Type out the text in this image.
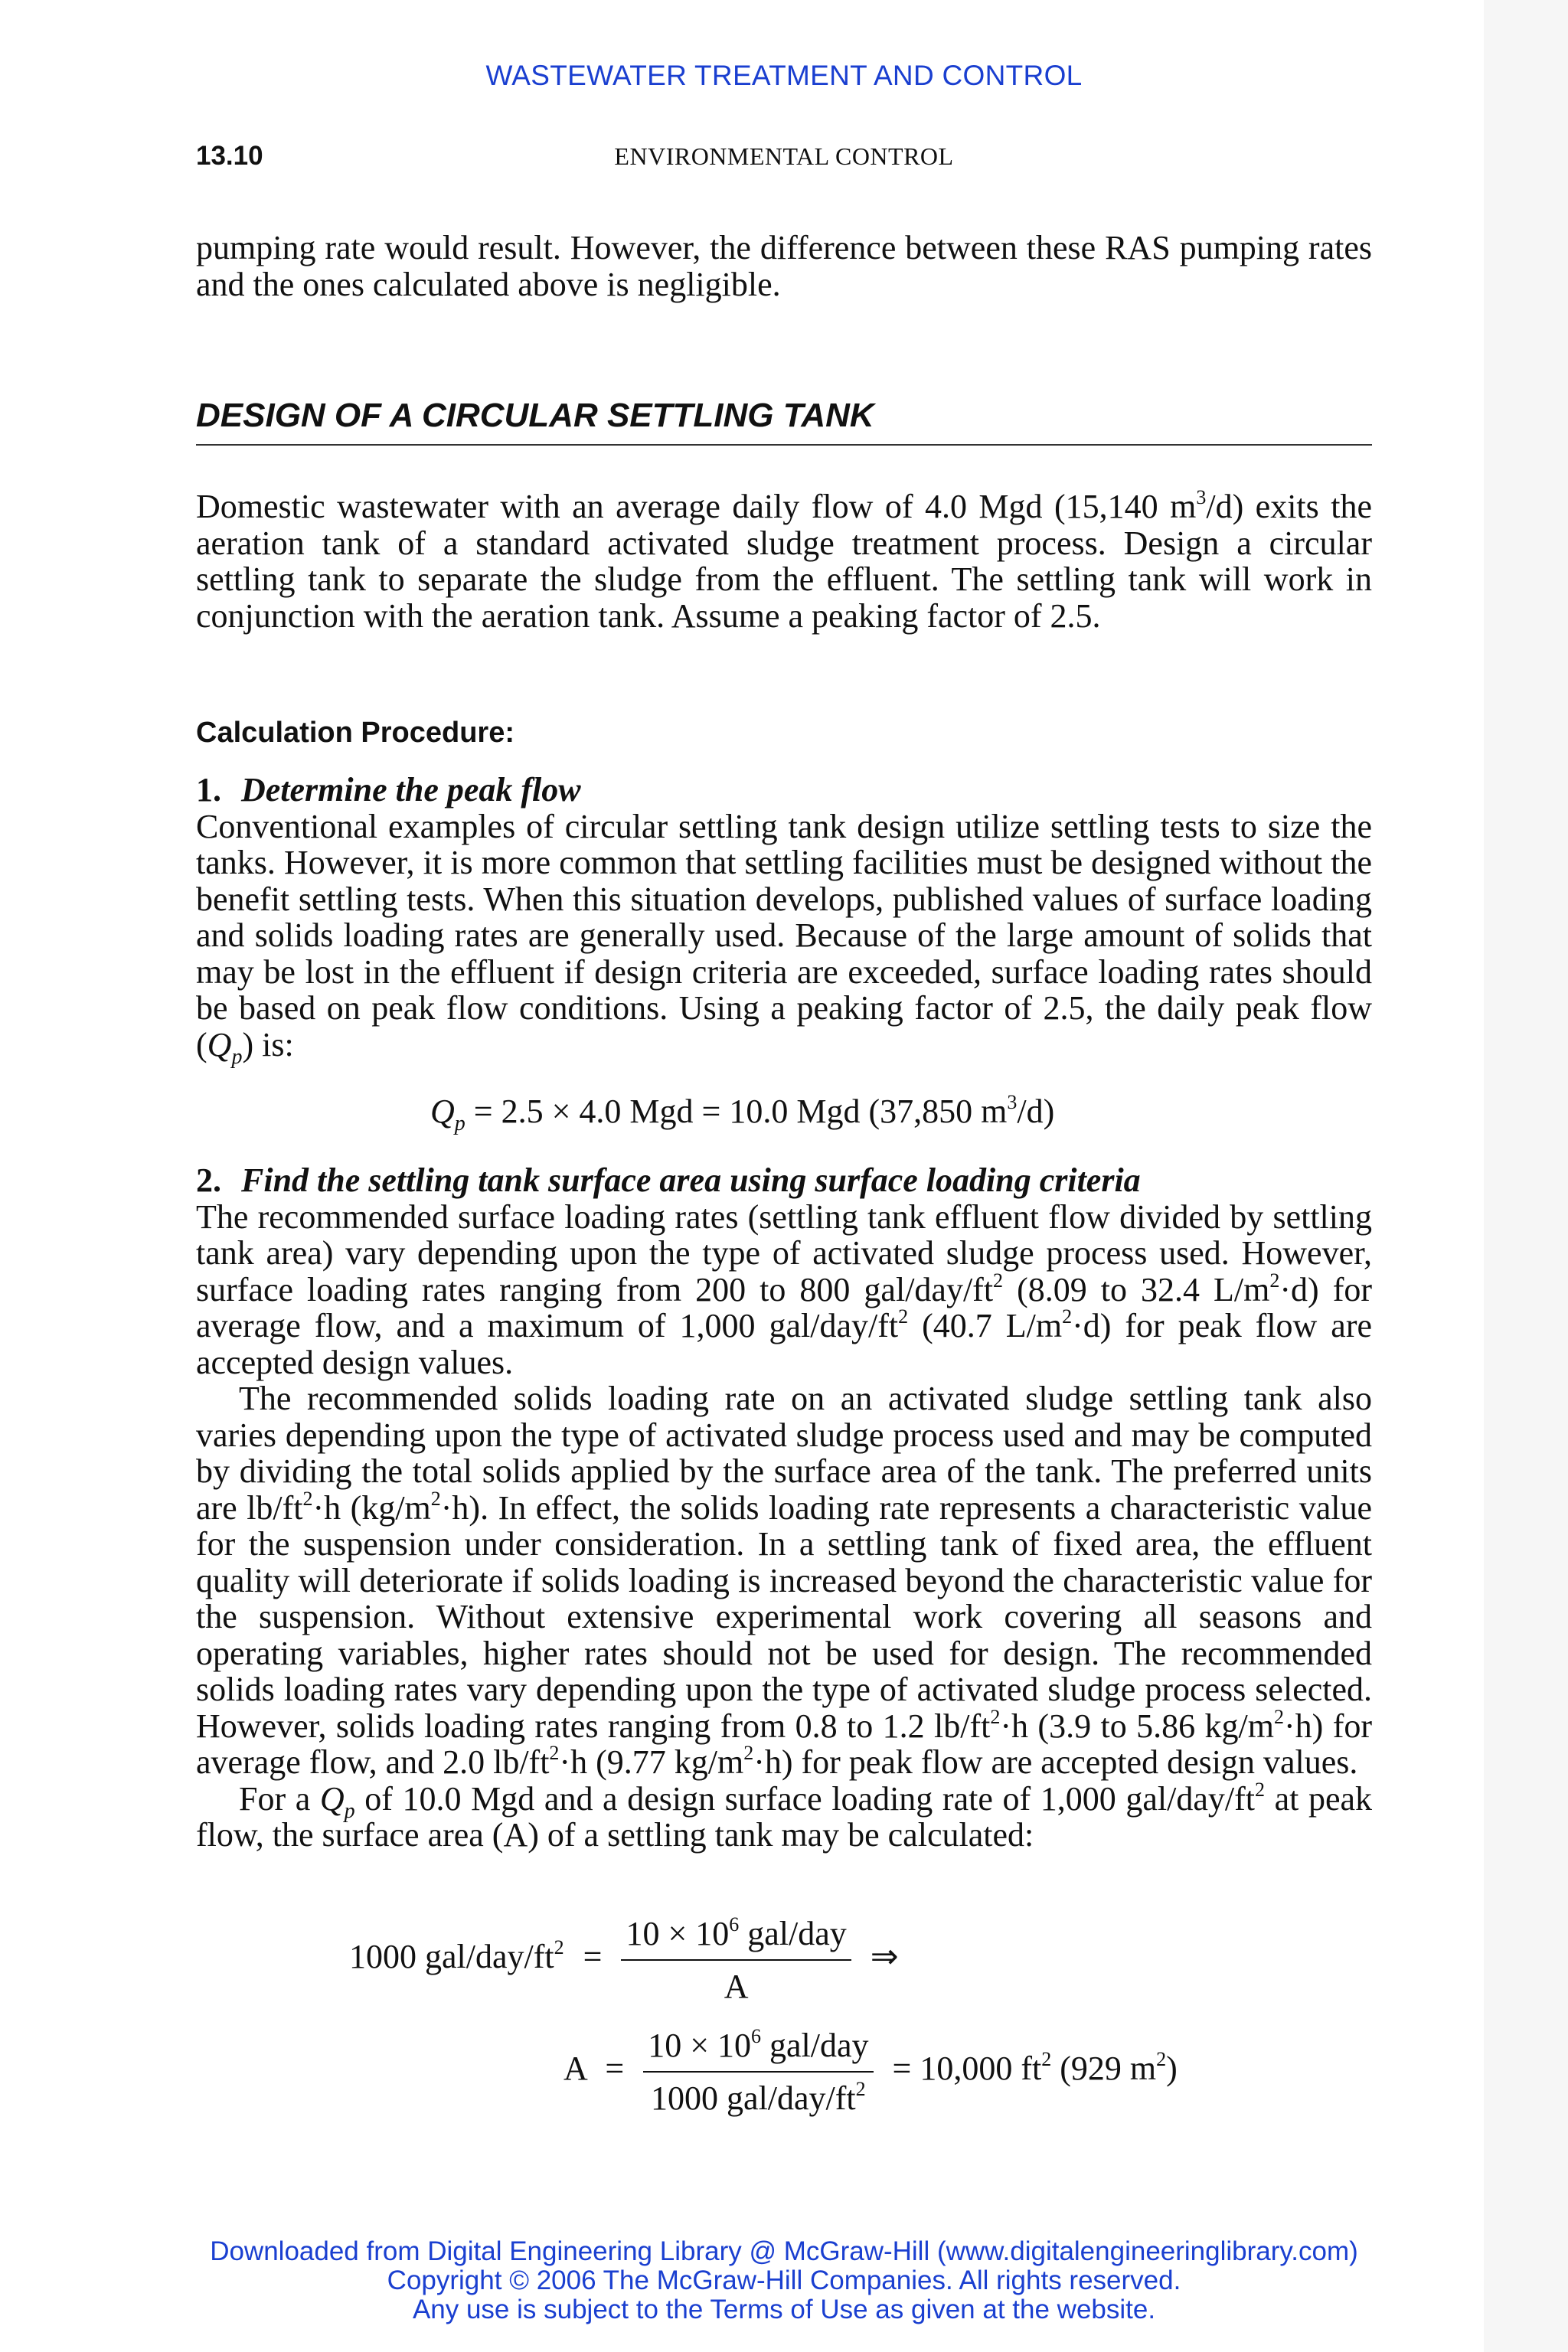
WASTEWATER TREATMENT AND CONTROL
13.10	ENVIRONMENTAL CONTROL

pumping rate would result. However, the difference between these RAS pumping rates and the ones calculated above is negligible.

DESIGN OF A CIRCULAR SETTLING TANK

Domestic wastewater with an average daily flow of 4.0 Mgd (15,140 $m^3/d$) exits the aeration tank of a standard activated sludge treatment process. Design a circular settling tank to separate the sludge from the effluent. The settling tank will work in conjunction with the aeration tank. Assume a peaking factor of 2.5.

Calculation Procedure:

1. Determine the peak flow

Conventional examples of circular settling tank design utilize settling tests to size the tanks. However, it is more common that settling facilities must be designed without the benefit settling tests. When this situation develops, published values of surface loading and solids loading rates are generally used. Because of the large amount of solids that may be lost in the effluent if design criteria are exceeded, surface loading rates should be based on peak flow conditions. Using a peaking factor of 2.5, the daily peak flow $(Q_p)$ is:

$Q_p = 2.5 \times 4.0$ Mgd = 10.0 Mgd (37,850 $m^3/d$)

2. Find the settling tank surface area using surface loading criteria

The recommended surface loading rates (settling tank effluent flow divided by settling tank area) vary depending upon the type of activated sludge process used. However, surface loading rates ranging from 200 to 800 gal/$day/ft^2$ (8.09 to 32.4 $L/m^2\cdot d$) for average flow, and a maximum of 1,000 gal/$day/ft^2$ (40.7 $L/m^2\cdot d$) for peak flow are accepted design values.

The recommended solids loading rate on an activated sludge settling tank also varies depending upon the type of activated sludge process used and may be computed by dividing the total solids applied by the surface area of the tank. The preferred units are $lb/ft^2\cdot h$ $(kg/m^2\cdot h)$. In effect, the solids loading rate represents a characteristic value for the suspension under consideration. In a settling tank of fixed area, the effluent quality will deteriorate if solids loading is increased beyond the characteristic value for the suspension. Without extensive experimental work covering all seasons and operating variables, higher rates should not be used for design. The recommended solids loading rates vary depending upon the type of activated sludge process selected. However, solids loading rates ranging from 0.8 to 1.2 $lb/ft^2\cdot h$ (3.9 to 5.86 $kg/m^2\cdot h$) for average flow, and 2.0 $lb/ft^2\cdot h$ (9.77 $kg/m^2\cdot h$) for peak flow are accepted design values.

For a $Q_p$ of 10.0 Mgd and a design surface loading rate of 1,000 gal/$day/ft^2$ at peak flow, the surface area (A) of a settling tank may be calculated:

1000 gal/$day/ft^2 = \frac{10 \times 10^6 gal/day}{A}$ ⇒
$A = \frac{10 \times 10^6 gal/day}{1000 gal/day/ft^2} = 10,000$ $ft^2$ (929 $m^2$)
Downloaded from Digital Engineering Library @ McGraw-Hill (www.digitalengineeringlibrary.com)
Copyright © 2006 The McGraw-Hill Companies. All rights reserved.
Any use is subject to the Terms of Use as given at the website.
